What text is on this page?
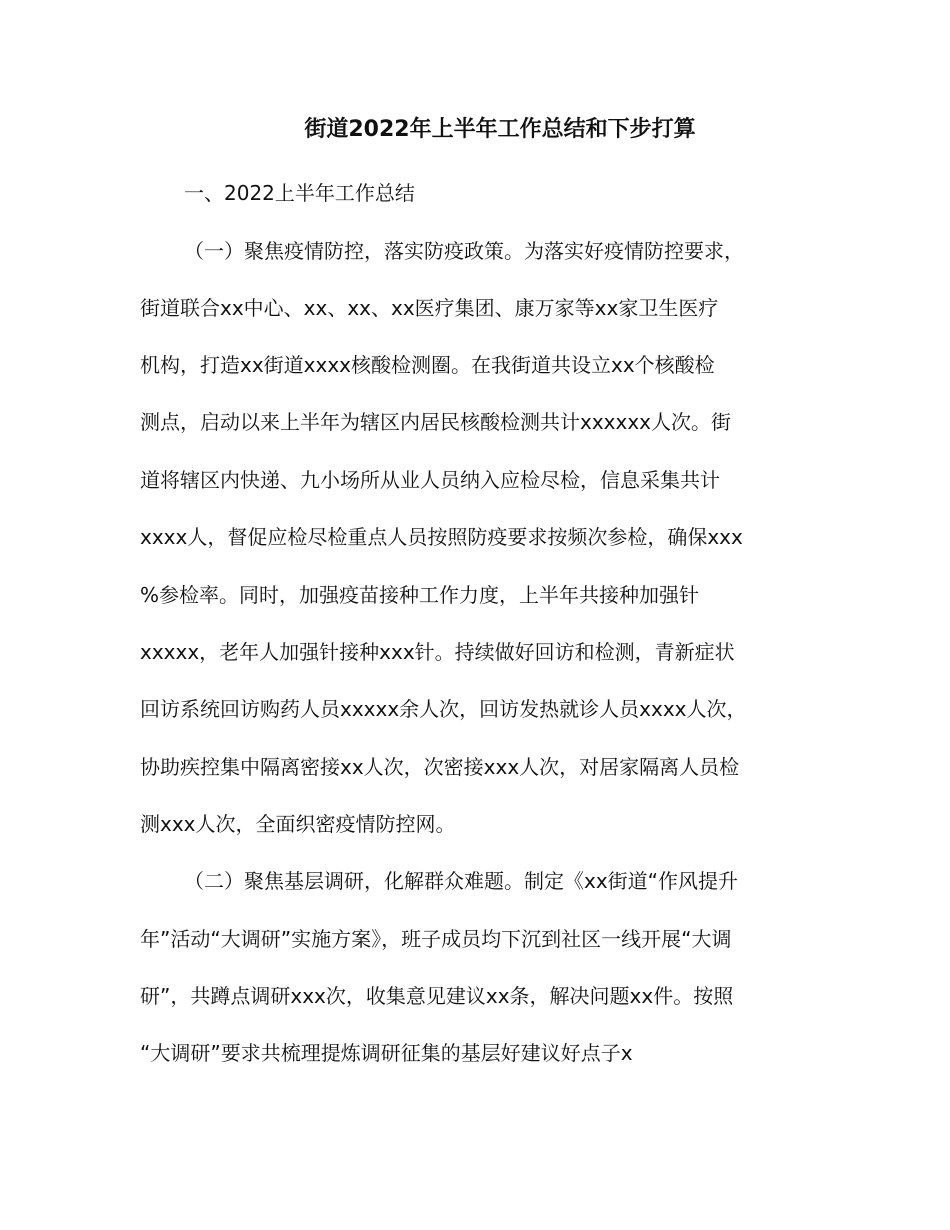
街道2022年上半年工作总结和下步打算
一、2022上半年工作总结
（一）聚焦疫情防控，落实防疫政策。为落实好疫情防控要求，
街道联合xx中心、xx、xx、xx医疗集团、康万家等xx家卫生医疗
机构，打造xx街道xxxx核酸检测圈。在我街道共设立xx个核酸检
测点，启动以来上半年为辖区内居民核酸检测共计xxxxxx人次。街
道将辖区内快递、九小场所从业人员纳入应检尽检，信息采集共计
xxxx人，督促应检尽检重点人员按照防疫要求按频次参检，确保xxx
%参检率。同时，加强疫苗接种工作力度，上半年共接种加强针
xxxxx，老年人加强针接种xxx针。持续做好回访和检测，青新症状
回访系统回访购药人员xxxxx余人次，回访发热就诊人员xxxx人次，
协助疾控集中隔离密接xx人次，次密接xxx人次，对居家隔离人员检
测xxx人次，全面织密疫情防控网。
（二）聚焦基层调研，化解群众难题。制定《xx街道“作风提升
年”活动“大调研”实施方案》，班子成员均下沉到社区一线开展“大调
研”，共蹲点调研xxx次，收集意见建议xx条，解决问题xx件。按照
“大调研”要求共梳理提炼调研征集的基层好建议好点子x
